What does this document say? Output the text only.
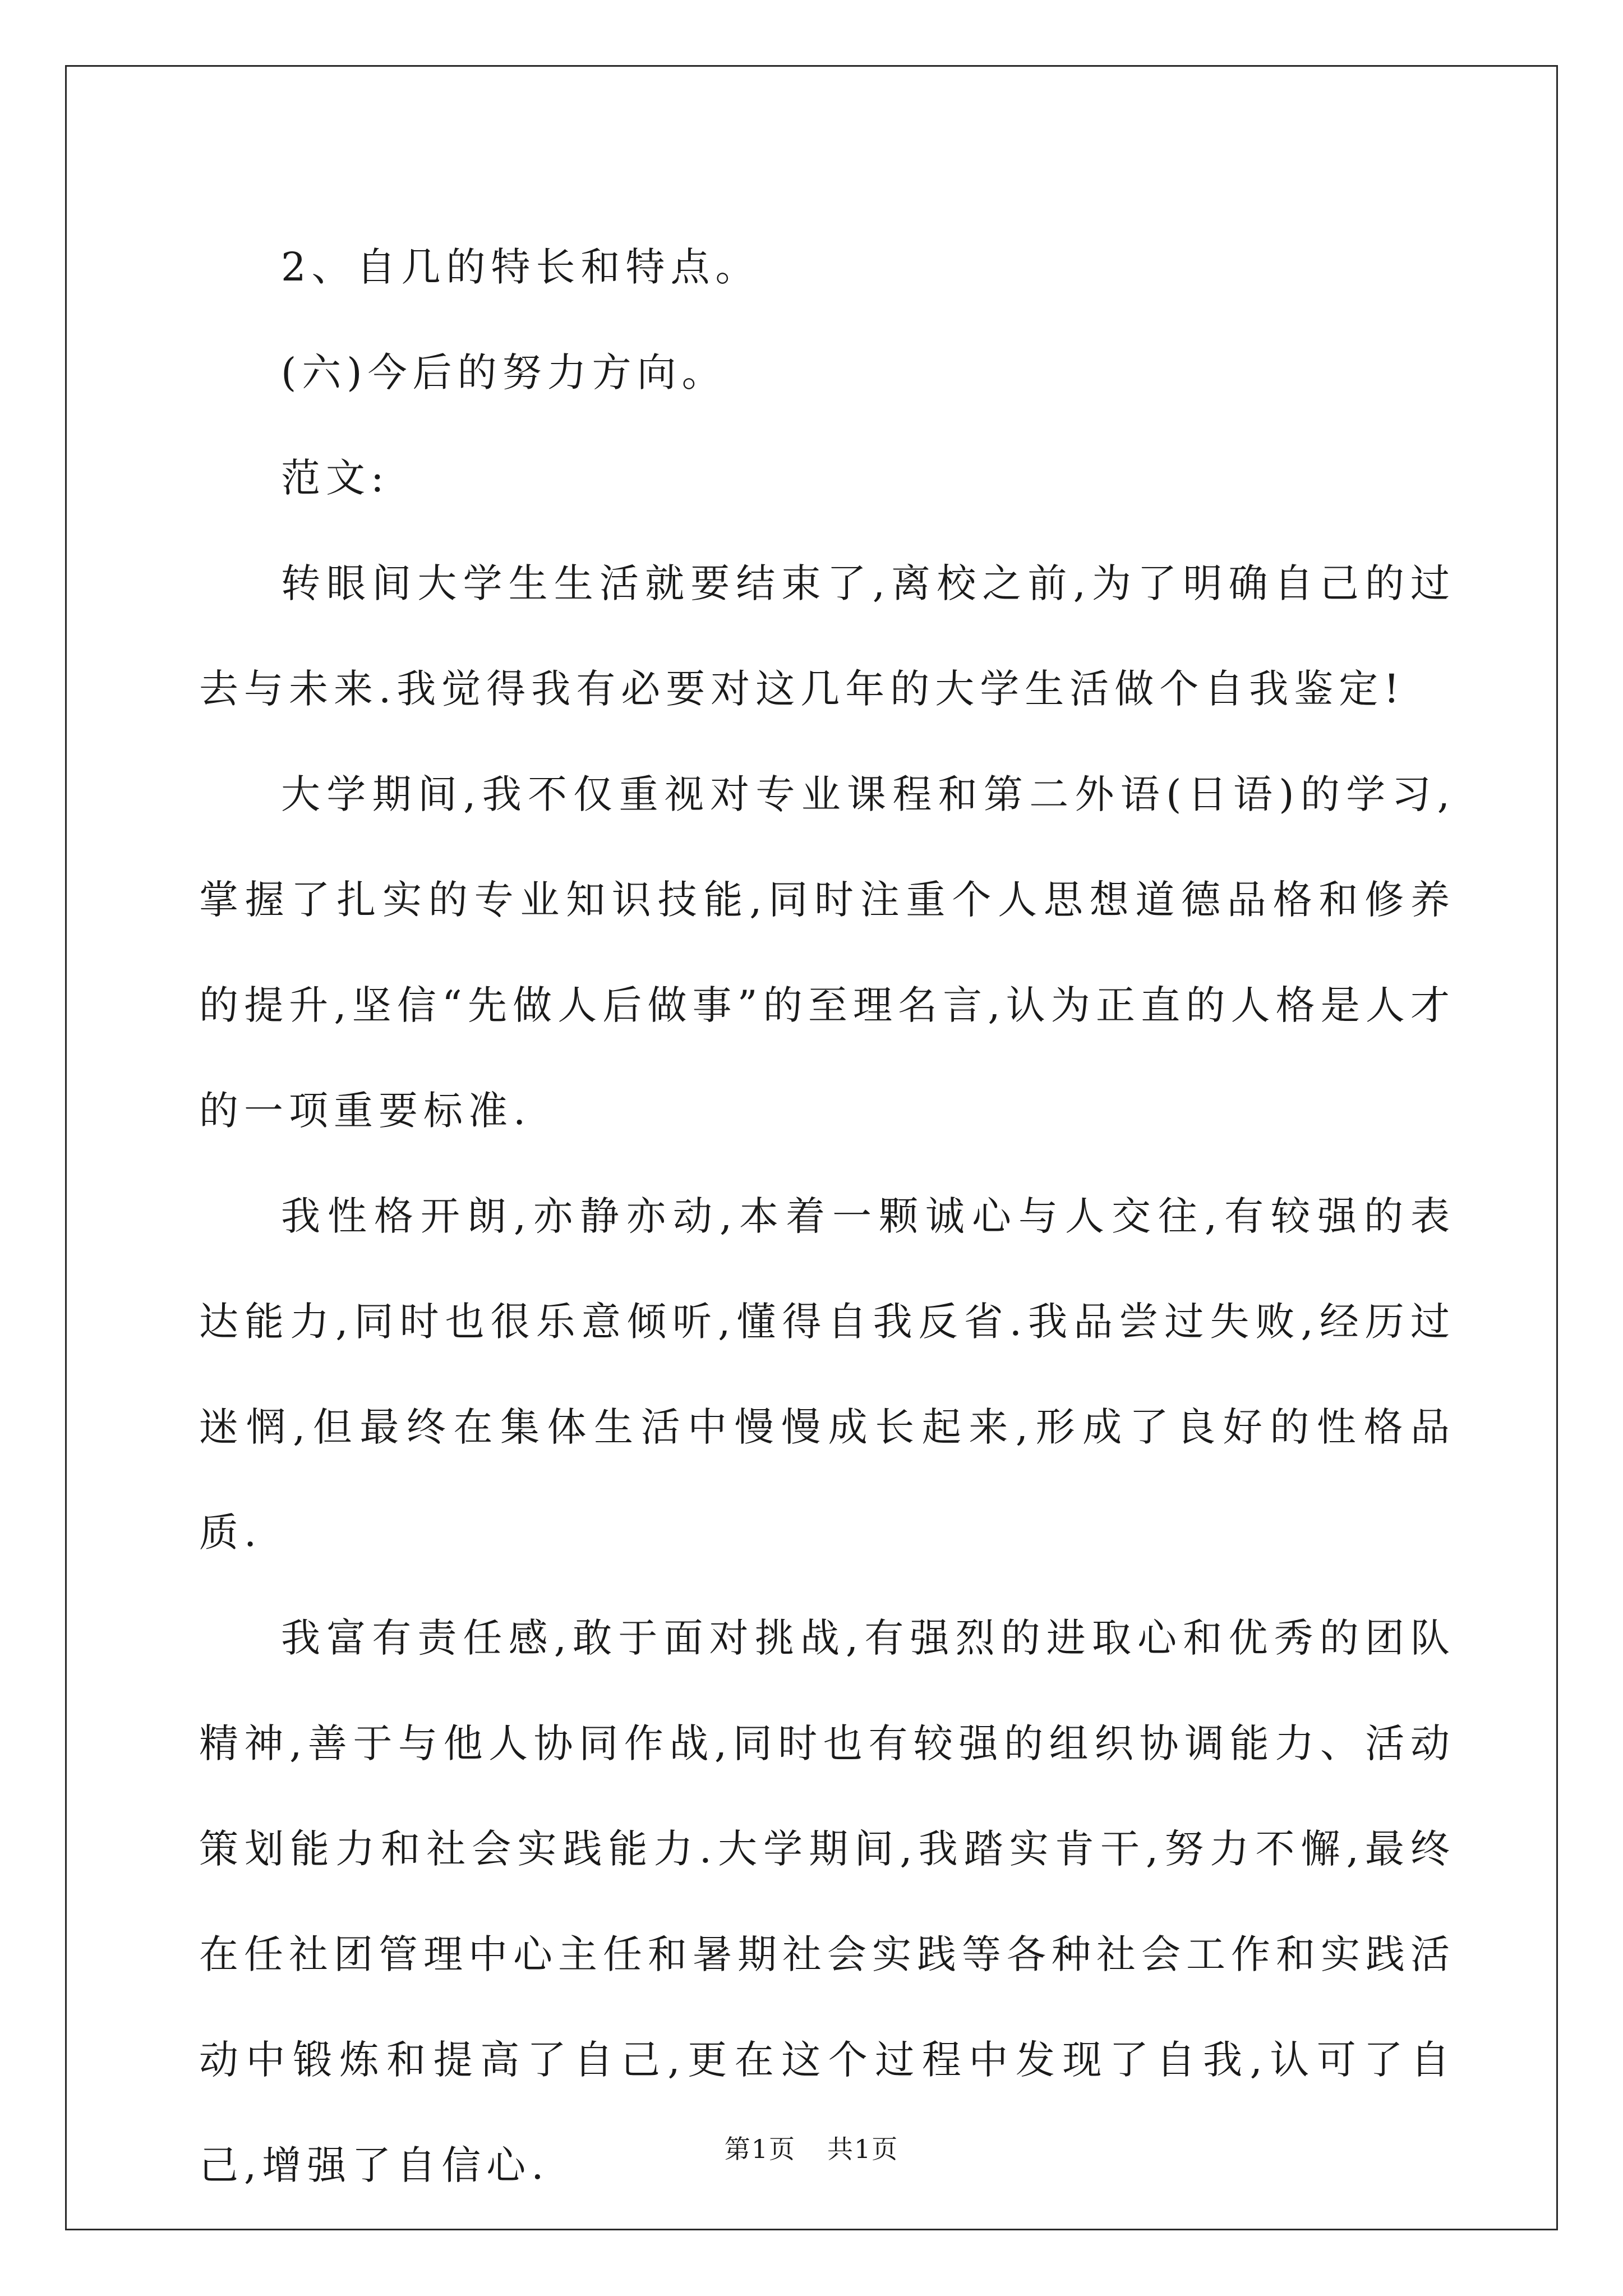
2、自几的特长和特点。

(六)今后的努力方向。

范文:

转眼间大学生生活就要结束了,离校之前,为了明确自己的过去与未来.我觉得我有必要对这几年的大学生活做个自我鉴定!

大学期间,我不仅重视对专业课程和第二外语(日语)的学习,掌握了扎实的专业知识技能,同时注重个人思想道德品格和修养的提升,坚信“先做人后做事”的至理名言,认为正直的人格是人才的一项重要标准.

我性格开朗,亦静亦动,本着一颗诚心与人交往,有较强的表达能力,同时也很乐意倾听,懂得自我反省.我品尝过失败,经历过迷惘,但最终在集体生活中慢慢成长起来,形成了良好的性格品质.

我富有责任感,敢于面对挑战,有强烈的进取心和优秀的团队精神,善于与他人协同作战,同时也有较强的组织协调能力、活动策划能力和社会实践能力.大学期间,我踏实肯干,努力不懈,最终在任社团管理中心主任和暑期社会实践等各种社会工作和实践活动中锻炼和提高了自己,更在这个过程中发现了自我,认可了自己,增强了自信心.	第1页 共1页
